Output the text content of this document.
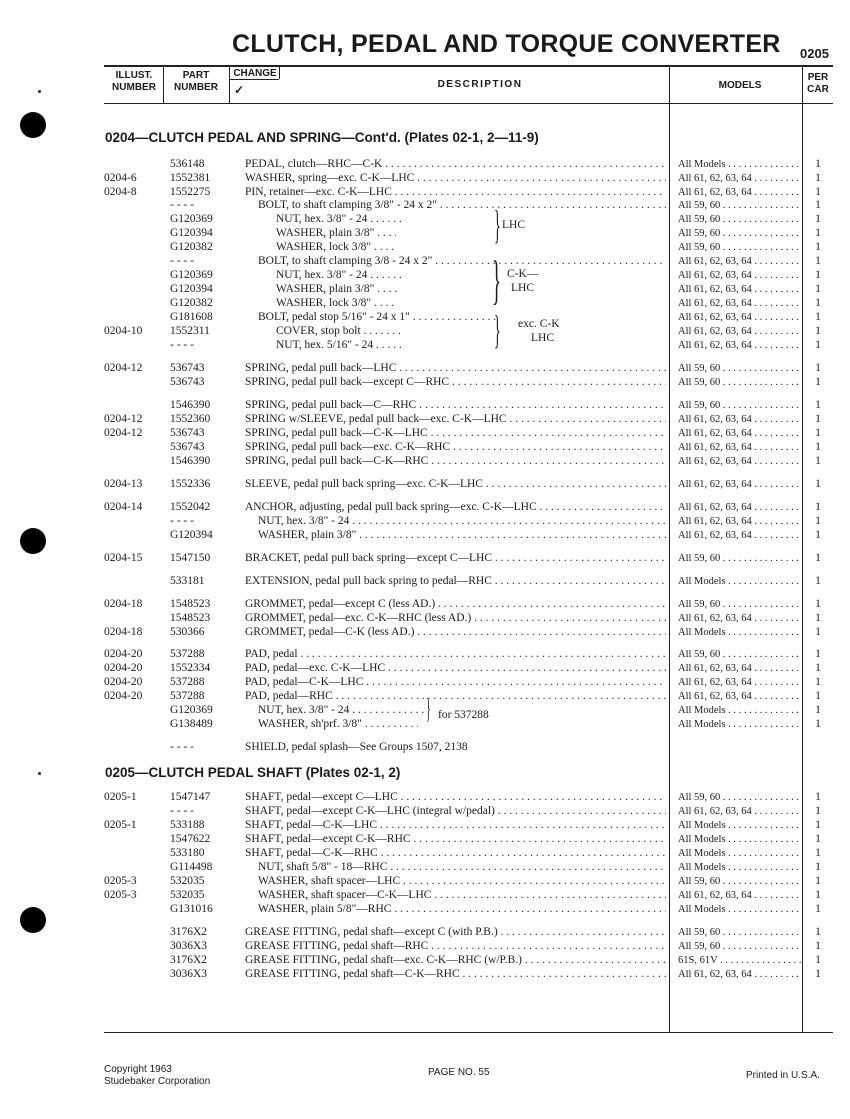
CLUTCH, PEDAL AND TORQUE CONVERTER 0205
ILLUST.
NUMBER
PART
NUMBER
CHANGE
✓	DESCRIPTION	MODELS
PER
CAR
0204—CLUTCH PEDAL AND SPRING—Cont'd. (Plates 02-1, 2—11-9)
0205—CLUTCH PEDAL SHAFT (Plates 02-1, 2)
536148	PEDAL, clutch—RHC—C-K . . .	All Models . . .	1
0204-6	1552381	WASHER, spring—exc. C-K—LHC . . .	All 61, 62, 63, 64 . . .	1
0204-8	1552275	PIN, retainer—exc. C-K—LHC . . .	All 61, 62, 63, 64 . . .	1
- - - -	BOLT, to shaft clamping 3/8" - 24 x 2" . . .	All 59, 60 . . .	1
G120369	NUT, hex. 3/8" - 24 . . .	All 59, 60 . . .	1
G120394	WASHER, plain 3/8" . . .	All 59, 60 . . .	1
G120382	WASHER, lock 3/8" . . .	All 59, 60 . . .	1
- - - -	BOLT, to shaft clamping 3/8 - 24 x 2" . . .	All 61, 62, 63, 64 . . .	1
G120369	NUT, hex. 3/8" - 24 . . .	All 61, 62, 63, 64 . . .	1
G120394	WASHER, plain 3/8" . . .	All 61, 62, 63, 64 . . .	1
G120382	WASHER, lock 3/8" . . .	All 61, 62, 63, 64 . . .	1
G181608	BOLT, pedal stop 5/16" - 24 x 1" . . .	All 61, 62, 63, 64 . . .	1
0204-10	1552311	COVER, stop bolt . . .	All 61, 62, 63, 64 . . .	1
- - - -	NUT, hex. 5/16" - 24 . . .	All 61, 62, 63, 64 . . .	1
0204-12	536743	SPRING, pedal pull back—LHC . . .	All 59, 60 . . .	1
536743	SPRING, pedal pull back—except C—RHC . . .	All 59, 60 . . .	1
1546390	SPRING, pedal pull back—C—RHC . . .	All 59, 60 . . .	1
0204-12	1552360	SPRING w/SLEEVE, pedal pull back—exc. C-K—LHC . . .	All 61, 62, 63, 64 . . .	1
0204-12	536743	SPRING, pedal pull back—C-K—LHC . . .	All 61, 62, 63, 64 . . .	1
536743	SPRING, pedal pull back—exc. C-K—RHC . . .	All 61, 62, 63, 64 . . .	1
1546390	SPRING, pedal pull back—C-K—RHC . . .	All 61, 62, 63, 64 . . .	1
0204-13	1552336	SLEEVE, pedal pull back spring—exc. C-K—LHC . . .	All 61, 62, 63, 64 . . .	1
0204-14	1552042	ANCHOR, adjusting, pedal pull back spring—exc. C-K—LHC . . .	All 61, 62, 63, 64 . . .	1
- - - -	NUT, hex. 3/8" - 24 . . .	All 61, 62, 63, 64 . . .	1
G120394	WASHER, plain 3/8" . . .	All 61, 62, 63, 64 . . .	1
0204-15	1547150	BRACKET, pedal pull back spring—except C—LHC . . .	All 59, 60 . . .	1
533181	EXTENSION, pedal pull back spring to pedal—RHC . . .	All Models . . .	1
0204-18	1548523	GROMMET, pedal—except C (less AD.) . . .	All 59, 60 . . .	1
1548523	GROMMET, pedal—exc. C-K—RHC (less AD.) . . .	All 61, 62, 63, 64 . . .	1
0204-18	530366	GROMMET, pedal—C-K (less AD.) . . .	All Models . . .	1
0204-20	537288	PAD, pedal . . .	All 59, 60 . . .	1
0204-20	1552334	PAD, pedal—exc. C-K—LHC . . .	All 61, 62, 63, 64 . . .	1
0204-20	537288	PAD, pedal—C-K—LHC . . .	All 61, 62, 63, 64 . . .	1
0204-20	537288	PAD, pedal—RHC . . .	All 61, 62, 63, 64 . . .	1
G120369	NUT, hex. 3/8" - 24 . . .	All Models . . .	1
G138489	WASHER, sh'prf. 3/8" . . .	All Models . . .	1
- - - -	SHIELD, pedal splash—See Groups 1507, 2138
0205-1	1547147	SHAFT, pedal—except C—LHC . . .	All 59, 60 . . .	1
- - - -	SHAFT, pedal—except C-K—LHC (integral w/pedal) . . .	All 61, 62, 63, 64 . . .	1
0205-1	533188	SHAFT, pedal—C-K—LHC . . .	All Models . . .	1
1547622	SHAFT, pedal—except C-K—RHC . . .	All Models . . .	1
533180	SHAFT, pedal—C-K—RHC . . .	All Models . . .	1
G114498	NUT, shaft 5/8" - 18—RHC . . .	All Models . . .	1
0205-3	532035	WASHER, shaft spacer—LHC . . .	All 59, 60 . . .	1
0205-3	532035	WASHER, shaft spacer—C-K—LHC . . .	All 61, 62, 63, 64 . . .	1
G131016	WASHER, plain 5/8"—RHC . . .	All Models . . .	1
3176X2	GREASE FITTING, pedal shaft—except C (with P.B.) . . .	All 59, 60 . . .	1
3036X3	GREASE FITTING, pedal shaft—RHC . . .	All 59, 60 . . .	1
3176X2	GREASE FITTING, pedal shaft—exc. C-K—RHC (w/P.B.) . . .	61S, 61V . . .	1
3036X3	GREASE FITTING, pedal shaft—C-K—RHC . . .	All 61, 62, 63, 64 . . .	1
LHC
}
C-K—
LHC
}
exc. C-K
LHC
}
for 537288
}
Copyright 1963
Studebaker Corporation
PAGE NO. 55	Printed in U.S.A.
